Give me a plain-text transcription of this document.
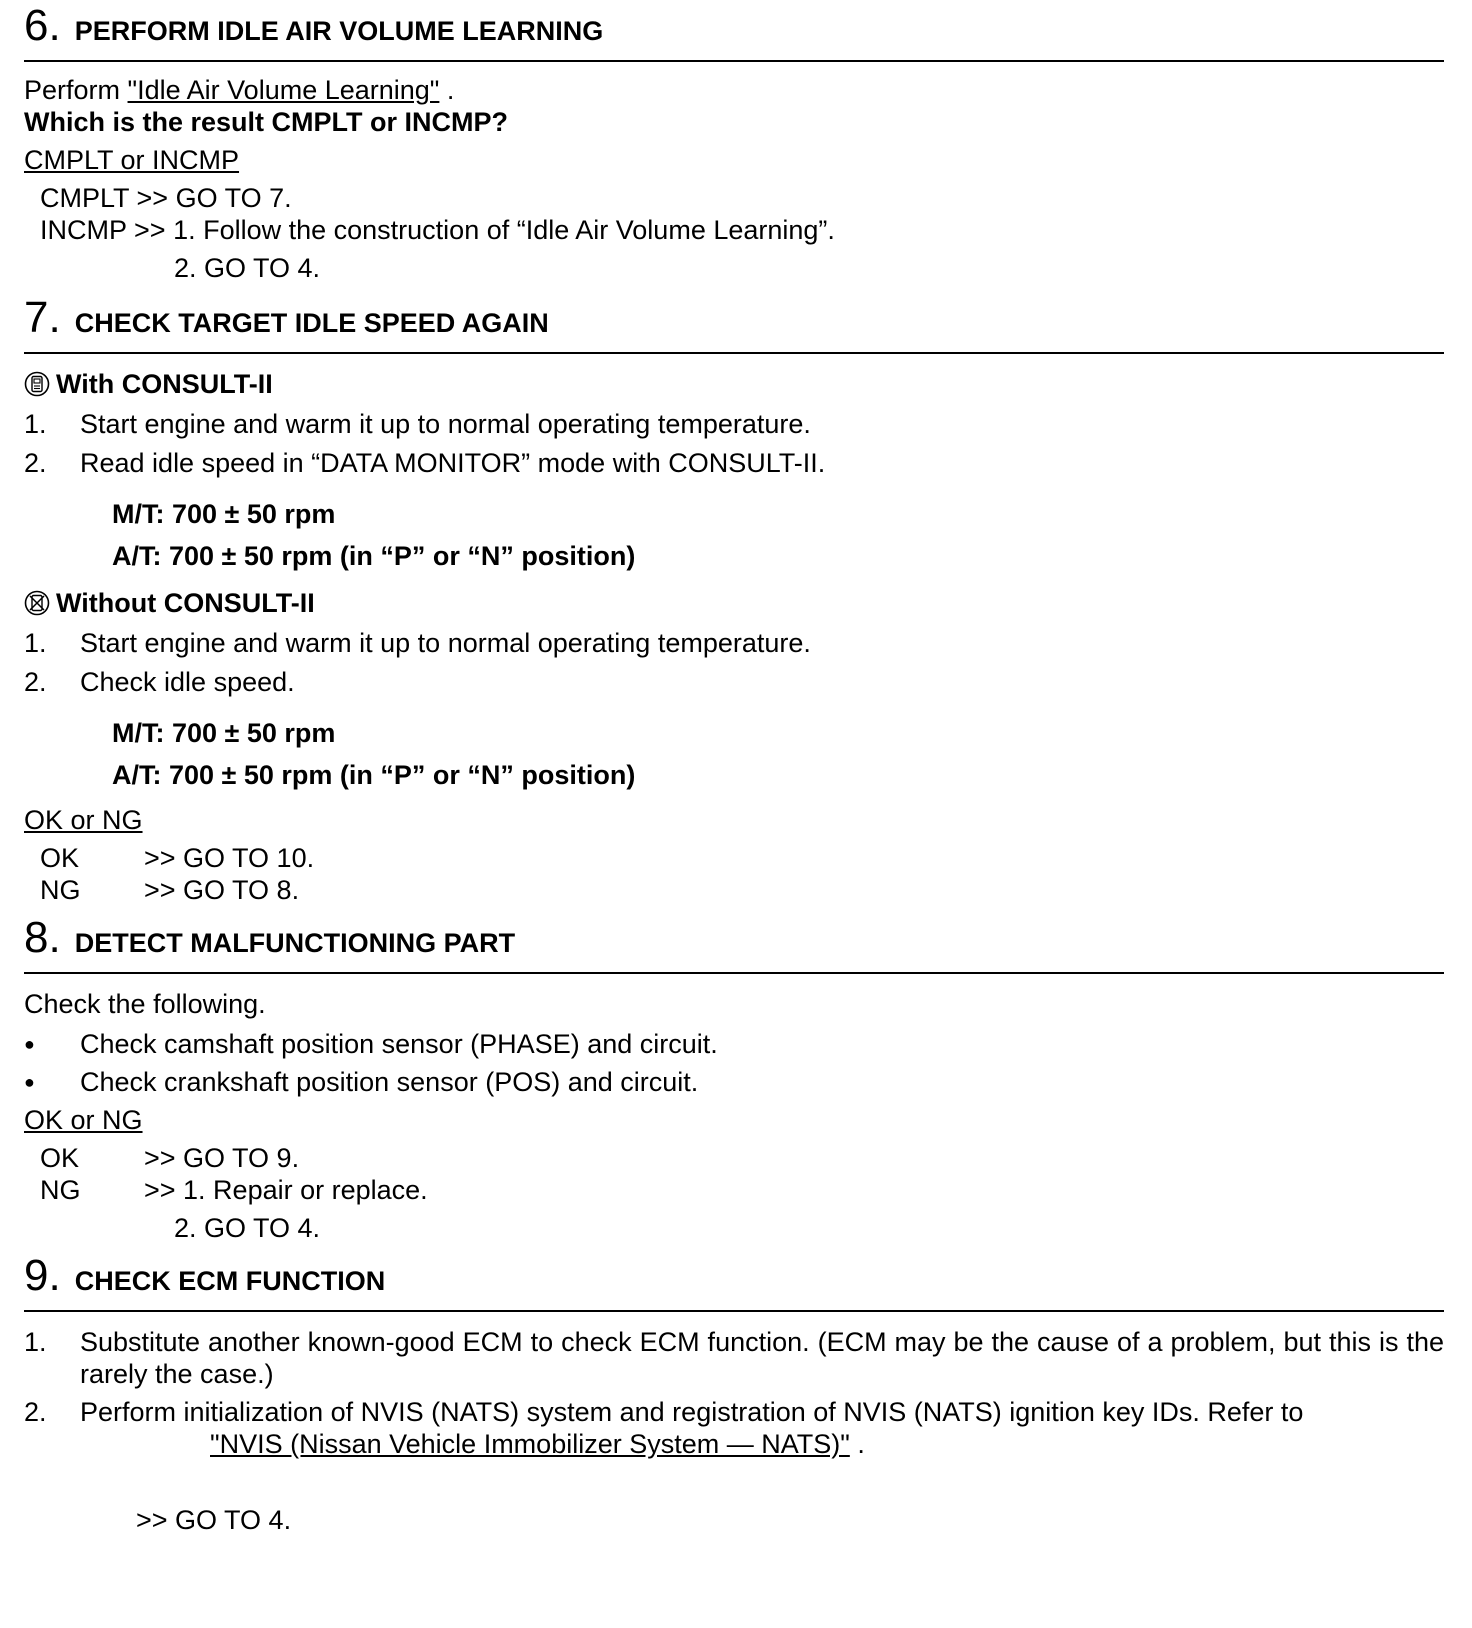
6. PERFORM IDLE AIR VOLUME LEARNING
Perform "Idle Air Volume Learning" .
Which is the result CMPLT or INCMP?
CMPLT or INCMP
CMPLT >> GO TO 7.
INCMP >> 1. Follow the construction of “Idle Air Volume Learning”.
2. GO TO 4.
7. CHECK TARGET IDLE SPEED AGAIN
With CONSULT-II
1.	Start engine and warm it up to normal operating temperature.
2.	Read idle speed in “DATA MONITOR” mode with CONSULT-II.
M/T: 700 ± 50 rpm
A/T: 700 ± 50 rpm (in “P” or “N” position)
Without CONSULT-II
1.	Start engine and warm it up to normal operating temperature.
2.	Check idle speed.
M/T: 700 ± 50 rpm
A/T: 700 ± 50 rpm (in “P” or “N” position)
OK or NG
OK >> GO TO 10.
NG >> GO TO 8.
8. DETECT MALFUNCTIONING PART
Check the following.
●	Check camshaft position sensor (PHASE) and circuit.
●	Check crankshaft position sensor (POS) and circuit.
OK or NG
OK >> GO TO 9.
NG >> 1. Repair or replace.
2. GO TO 4.
9. CHECK ECM FUNCTION
1.	Substitute another known-good ECM to check ECM function. (ECM may be the cause of a problem, but this is the rarely the case.)
2.	Perform initialization of NVIS (NATS) system and registration of NVIS (NATS) ignition key IDs. Refer to
"NVIS (Nissan Vehicle Immobilizer System — NATS)" .
>> GO TO 4.
